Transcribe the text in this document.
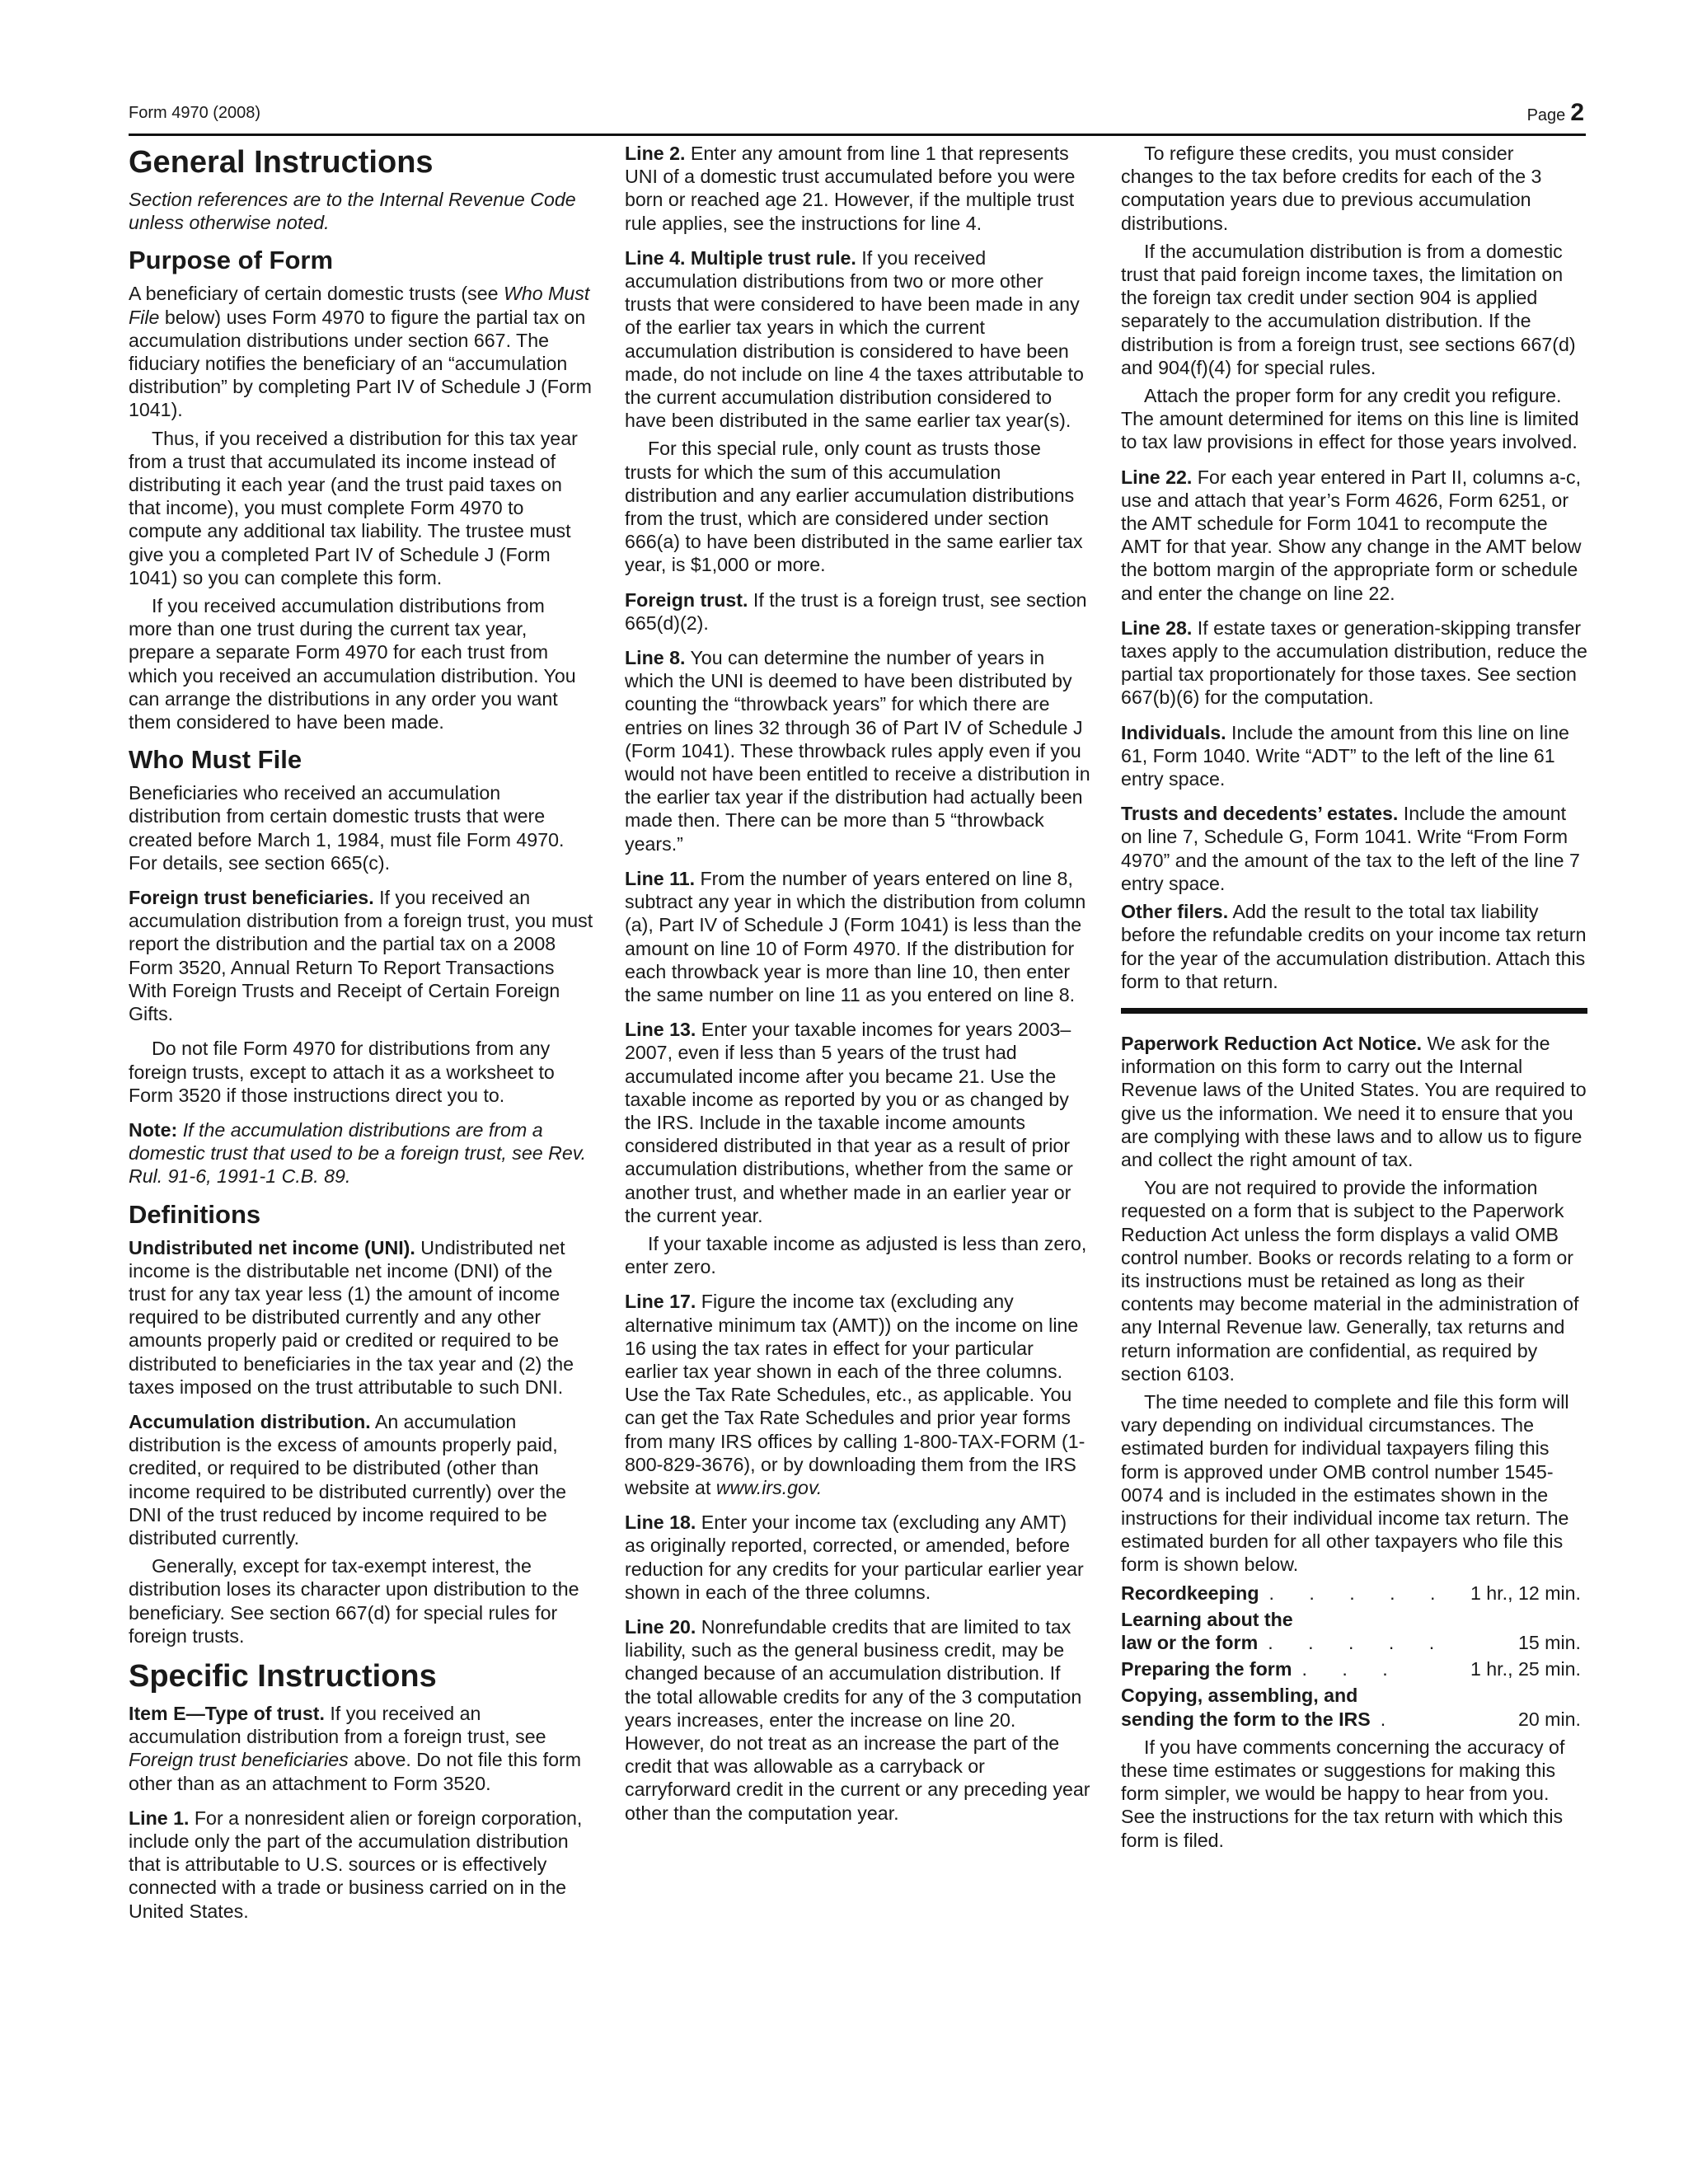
Form 4970 (2008)	Page 2
General Instructions

Section references are to the Internal Revenue Code unless otherwise noted.

Purpose of Form

A beneficiary of certain domestic trusts (see Who Must File below) uses Form 4970 to figure the partial tax on accumulation distributions under section 667. The fiduciary notifies the beneficiary of an “accumulation distribution” by completing Part IV of Schedule J (Form 1041).

Thus, if you received a distribution for this tax year from a trust that accumulated its income instead of distributing it each year (and the trust paid taxes on that income), you must complete Form 4970 to compute any additional tax liability. The trustee must give you a completed Part IV of Schedule J (Form 1041) so you can complete this form.

If you received accumulation distributions from more than one trust during the current tax year, prepare a separate Form 4970 for each trust from which you received an accumulation distribution. You can arrange the distributions in any order you want them considered to have been made.

Who Must File

Beneficiaries who received an accumulation distribution from certain domestic trusts that were created before March 1, 1984, must file Form 4970. For details, see section 665(c).

Foreign trust beneficiaries. If you received an accumulation distribution from a foreign trust, you must report the distribution and the partial tax on a 2008 Form 3520, Annual Return To Report Transactions With Foreign Trusts and Receipt of Certain Foreign Gifts.

Do not file Form 4970 for distributions from any foreign trusts, except to attach it as a worksheet to Form 3520 if those instructions direct you to.

Note: If the accumulation distributions are from a domestic trust that used to be a foreign trust, see Rev. Rul. 91-6, 1991-1 C.B. 89.

Definitions

Undistributed net income (UNI). Undistributed net income is the distributable net income (DNI) of the trust for any tax year less (1) the amount of income required to be distributed currently and any other amounts properly paid or credited or required to be distributed to beneficiaries in the tax year and (2) the taxes imposed on the trust attributable to such DNI.

Accumulation distribution. An accumulation distribution is the excess of amounts properly paid, credited, or required to be distributed (other than income required to be distributed currently) over the DNI of the trust reduced by income required to be distributed currently.

Generally, except for tax-exempt interest, the distribution loses its character upon distribution to the beneficiary. See section 667(d) for special rules for foreign trusts.

Specific Instructions

Item E—Type of trust. If you received an accumulation distribution from a foreign trust, see Foreign trust beneficiaries above. Do not file this form other than as an attachment to Form 3520.

Line 1. For a nonresident alien or foreign corporation, include only the part of the accumulation distribution that is attributable to U.S. sources or is effectively connected with a trade or business carried on in the United States.

Line 2. Enter any amount from line 1 that represents UNI of a domestic trust accumulated before you were born or reached age 21. However, if the multiple trust rule applies, see the instructions for line 4.

Line 4. Multiple trust rule. If you received accumulation distributions from two or more other trusts that were considered to have been made in any of the earlier tax years in which the current accumulation distribution is considered to have been made, do not include on line 4 the taxes attributable to the current accumulation distribution considered to have been distributed in the same earlier tax year(s).

For this special rule, only count as trusts those trusts for which the sum of this accumulation distribution and any earlier accumulation distributions from the trust, which are considered under section 666(a) to have been distributed in the same earlier tax year, is $1,000 or more.

Foreign trust. If the trust is a foreign trust, see section 665(d)(2).

Line 8. You can determine the number of years in which the UNI is deemed to have been distributed by counting the “throwback years” for which there are entries on lines 32 through 36 of Part IV of Schedule J (Form 1041). These throwback rules apply even if you would not have been entitled to receive a distribution in the earlier tax year if the distribution had actually been made then. There can be more than 5 “throwback years.”

Line 11. From the number of years entered on line 8, subtract any year in which the distribution from column (a), Part IV of Schedule J (Form 1041) is less than the amount on line 10 of Form 4970. If the distribution for each throwback year is more than line 10, then enter the same number on line 11 as you entered on line 8.

Line 13. Enter your taxable incomes for years 2003–2007, even if less than 5 years of the trust had accumulated income after you became 21. Use the taxable income as reported by you or as changed by the IRS. Include in the taxable income amounts considered distributed in that year as a result of prior accumulation distributions, whether from the same or another trust, and whether made in an earlier year or the current year.

If your taxable income as adjusted is less than zero, enter zero.

Line 17. Figure the income tax (excluding any alternative minimum tax (AMT)) on the income on line 16 using the tax rates in effect for your particular earlier tax year shown in each of the three columns. Use the Tax Rate Schedules, etc., as applicable. You can get the Tax Rate Schedules and prior year forms from many IRS offices by calling 1-800-TAX-FORM (1-800-829-3676), or by downloading them from the IRS website at www.irs.gov.

Line 18. Enter your income tax (excluding any AMT) as originally reported, corrected, or amended, before reduction for any credits for your particular earlier year shown in each of the three columns.

Line 20. Nonrefundable credits that are limited to tax liability, such as the general business credit, may be changed because of an accumulation distribution. If the total allowable credits for any of the 3 computation years increases, enter the increase on line 20. However, do not treat as an increase the part of the credit that was allowable as a carryback or carryforward credit in the current or any preceding year other than the computation year.

To refigure these credits, you must consider changes to the tax before credits for each of the 3 computation years due to previous accumulation distributions.

If the accumulation distribution is from a domestic trust that paid foreign income taxes, the limitation on the foreign tax credit under section 904 is applied separately to the accumulation distribution. If the distribution is from a foreign trust, see sections 667(d) and 904(f)(4) for special rules.

Attach the proper form for any credit you refigure. The amount determined for items on this line is limited to tax law provisions in effect for those years involved.

Line 22. For each year entered in Part II, columns a-c, use and attach that year’s Form 4626, Form 6251, or the AMT schedule for Form 1041 to recompute the AMT for that year. Show any change in the AMT below the bottom margin of the appropriate form or schedule and enter the change on line 22.

Line 28. If estate taxes or generation-skipping transfer taxes apply to the accumulation distribution, reduce the partial tax proportionately for those taxes. See section 667(b)(6) for the computation.

Individuals. Include the amount from this line on line 61, Form 1040. Write “ADT” to the left of the line 61 entry space.

Trusts and decedents’ estates. Include the amount on line 7, Schedule G, Form 1041. Write “From Form 4970” and the amount of the tax to the left of the line 7 entry space.

Other filers. Add the result to the total tax liability before the refundable credits on your income tax return for the year of the accumulation distribution. Attach this form to that return.

Paperwork Reduction Act Notice. We ask for the information on this form to carry out the Internal Revenue laws of the United States. You are required to give us the information. We need it to ensure that you are complying with these laws and to allow us to figure and collect the right amount of tax.

You are not required to provide the information requested on a form that is subject to the Paperwork Reduction Act unless the form displays a valid OMB control number. Books or records relating to a form or its instructions must be retained as long as their contents may become material in the administration of any Internal Revenue law. Generally, tax returns and return information are confidential, as required by section 6103.

The time needed to complete and file this form will vary depending on individual circumstances. The estimated burden for individual taxpayers filing this form is approved under OMB control number 1545-0074 and is included in the estimates shown in the instructions for their individual income tax return. The estimated burden for all other taxpayers who file this form is shown below.

Recordkeeping . . . . .	1 hr., 12 min.
Learning about the
law or the form . . . . .	15 min.
Preparing the form . . .	1 hr., 25 min.
Copying, assembling, and
sending the form to the IRS .	20 min.

If you have comments concerning the accuracy of these time estimates or suggestions for making this form simpler, we would be happy to hear from you. See the instructions for the tax return with which this form is filed.
